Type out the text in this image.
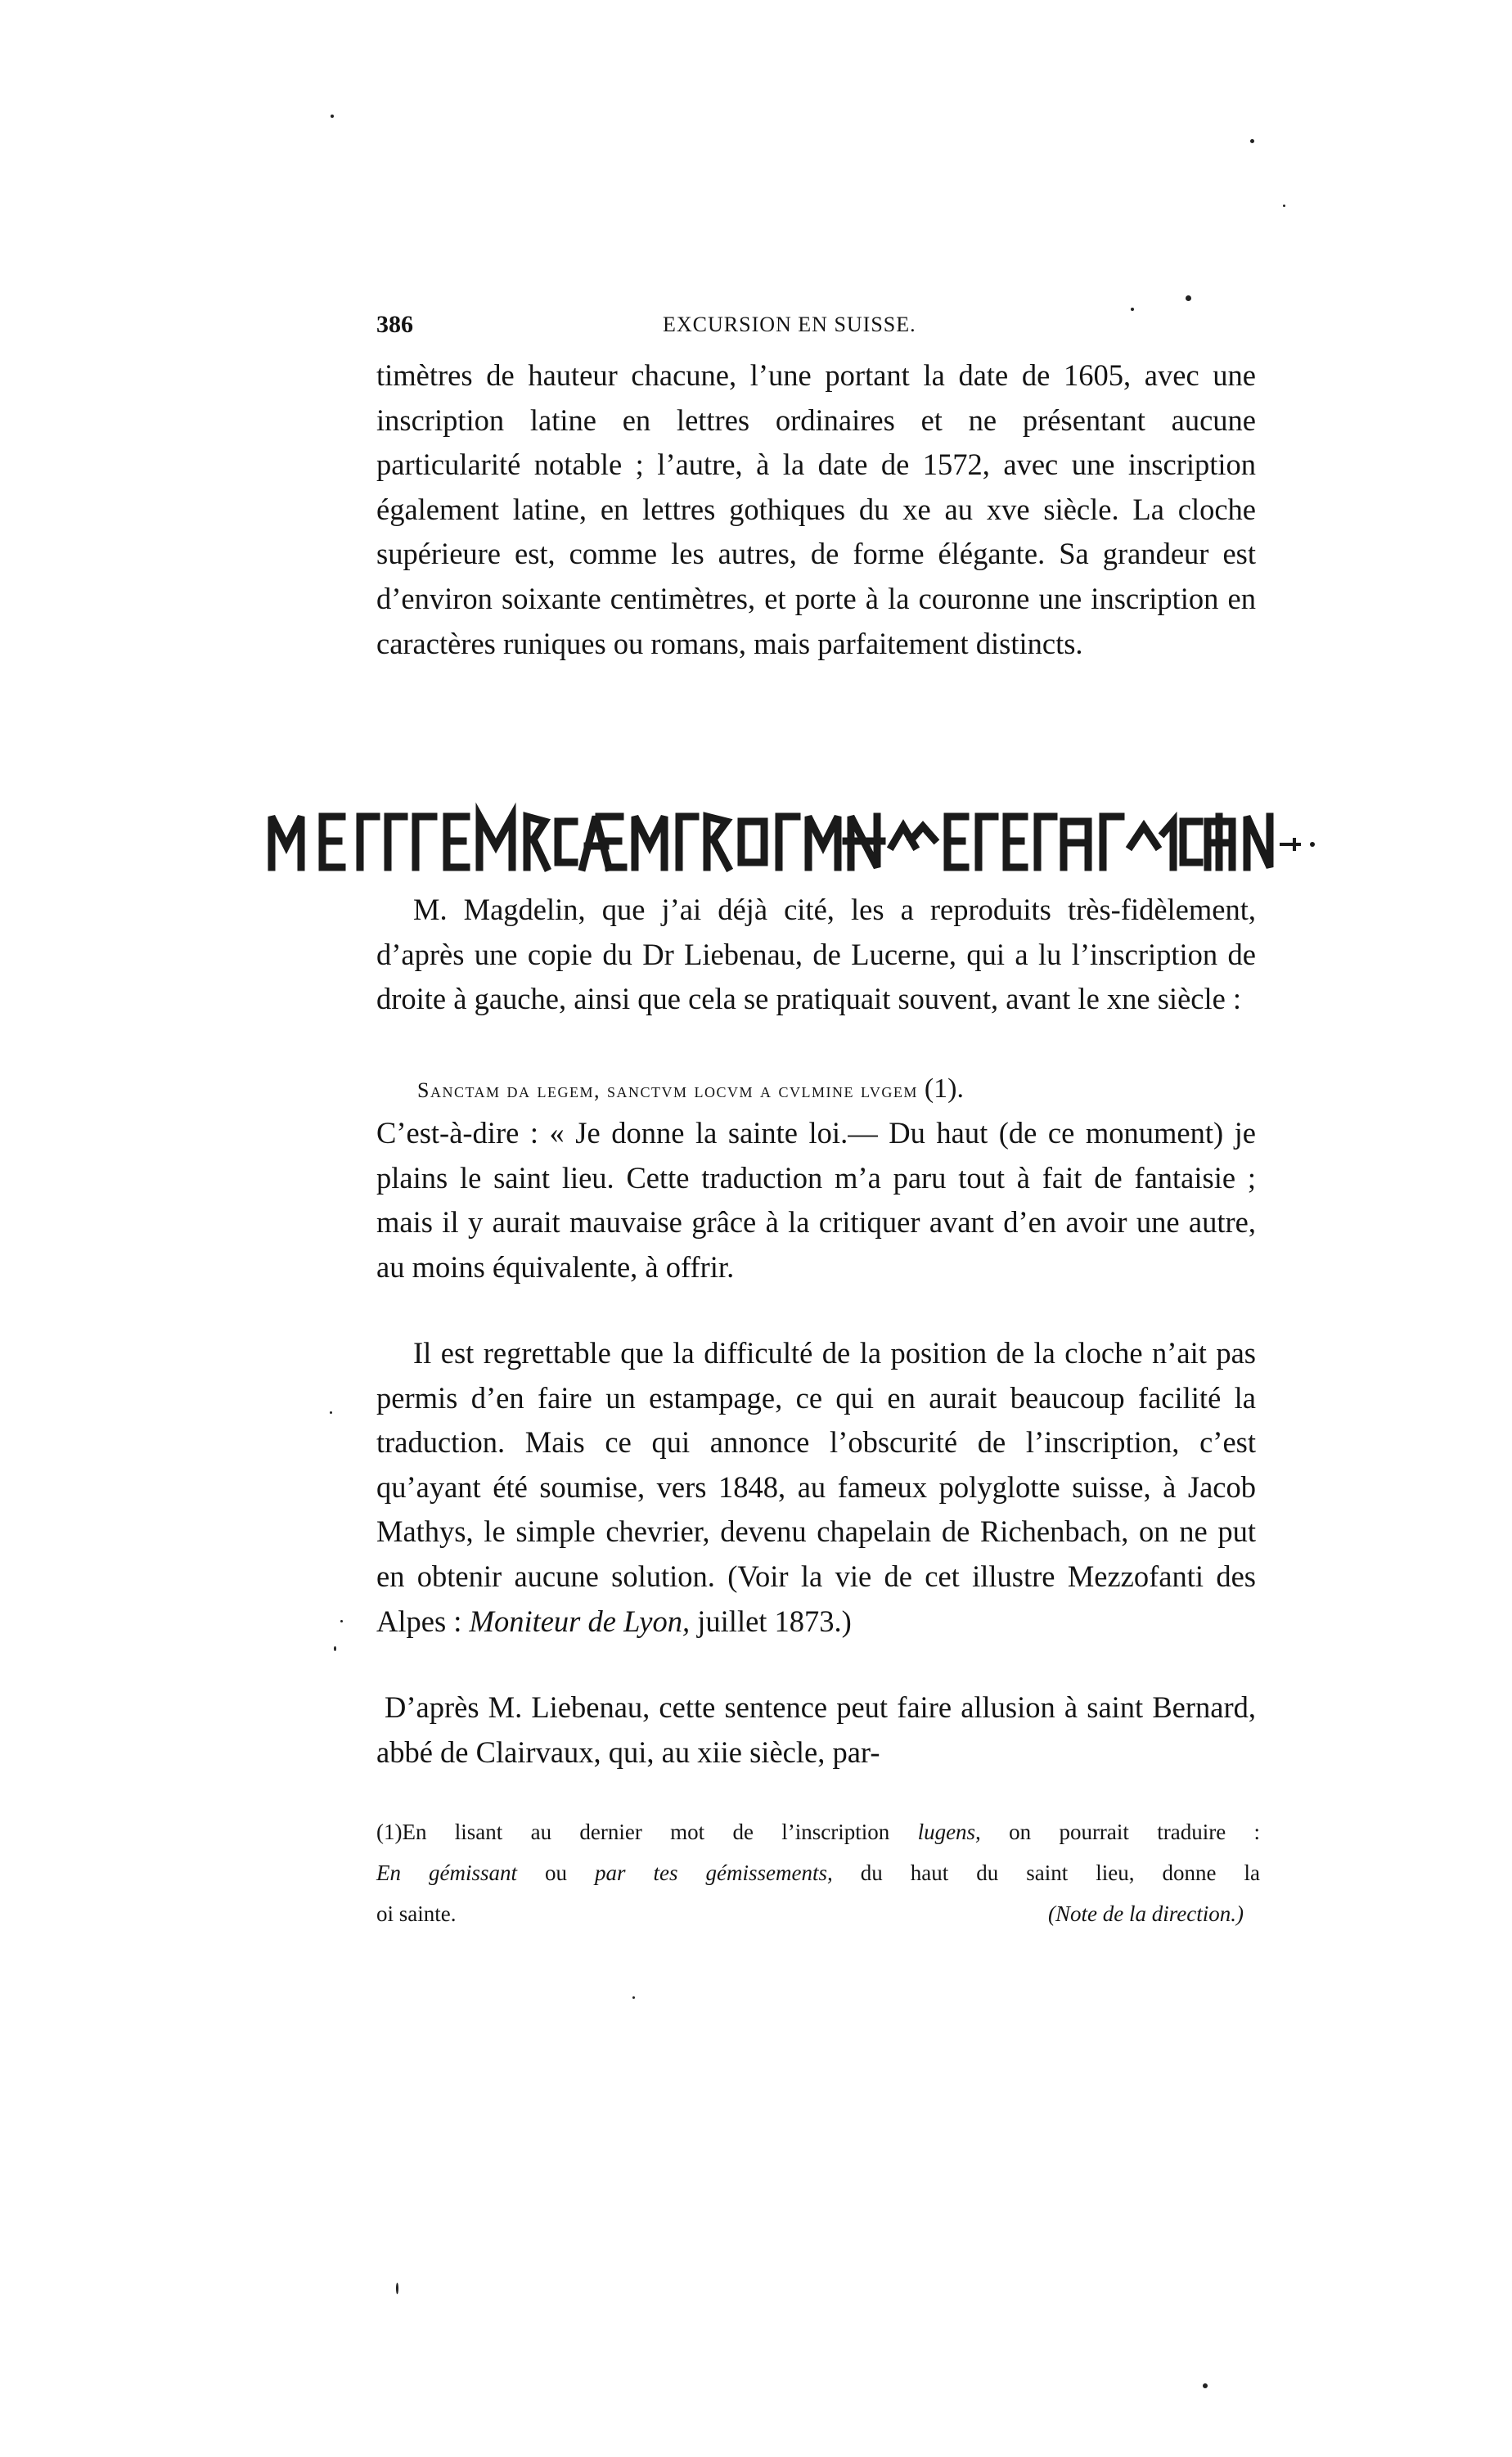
386	EXCURSION EN SUISSE.

timètres de hauteur chacune, l’une portant la date de 1605, avec une inscription latine en lettres ordinaires et ne présentant aucune particularité notable ; l’autre, à la date de 1572, avec une inscription également latine, en lettres gothiques du xe au xve siècle. La cloche supérieure est, comme les autres, de forme élégante. Sa grandeur est d’environ soixante centimètres, et porte à la couronne une inscription en caractères runiques ou romans, mais parfaitement distincts.

M. Magdelin, que j’ai déjà cité, les a reproduits très-fidèlement, d’après une copie du Dr Liebenau, de Lucerne, qui a lu l’inscription de droite à gauche, ainsi que cela se pratiquait souvent, avant le xne siècle :

Sanctam da legem, sanctvm locvm a cvlmine lvgem (1).

C’est-à-dire : « Je donne la sainte loi.— Du haut (de ce monument) je plains le saint lieu. Cette traduction m’a paru tout à fait de fantaisie ; mais il y aurait mauvaise grâce à la critiquer avant d’en avoir une autre, au moins équivalente, à offrir.

Il est regrettable que la difficulté de la position de la cloche n’ait pas permis d’en faire un estampage, ce qui en aurait beaucoup facilité la traduction. Mais ce qui annonce l’obscurité de l’inscription, c’est qu’ayant été soumise, vers 1848, au fameux polyglotte suisse, à Jacob Mathys, le simple chevrier, devenu chapelain de Richenbach, on ne put en obtenir aucune solution. (Voir la vie de cet illustre Mezzofanti des Alpes : Moniteur de Lyon, juillet 1873.)

D’après M. Liebenau, cette sentence peut faire allusion à saint Bernard, abbé de Clairvaux, qui, au xiie siècle, par-

(1)En lisant au dernier mot de l’inscription lugens, on pourrait traduire :
En gémissant ou par tes gémissements, du haut du saint lieu, donne la
oi sainte.	(Note de la direction.)
